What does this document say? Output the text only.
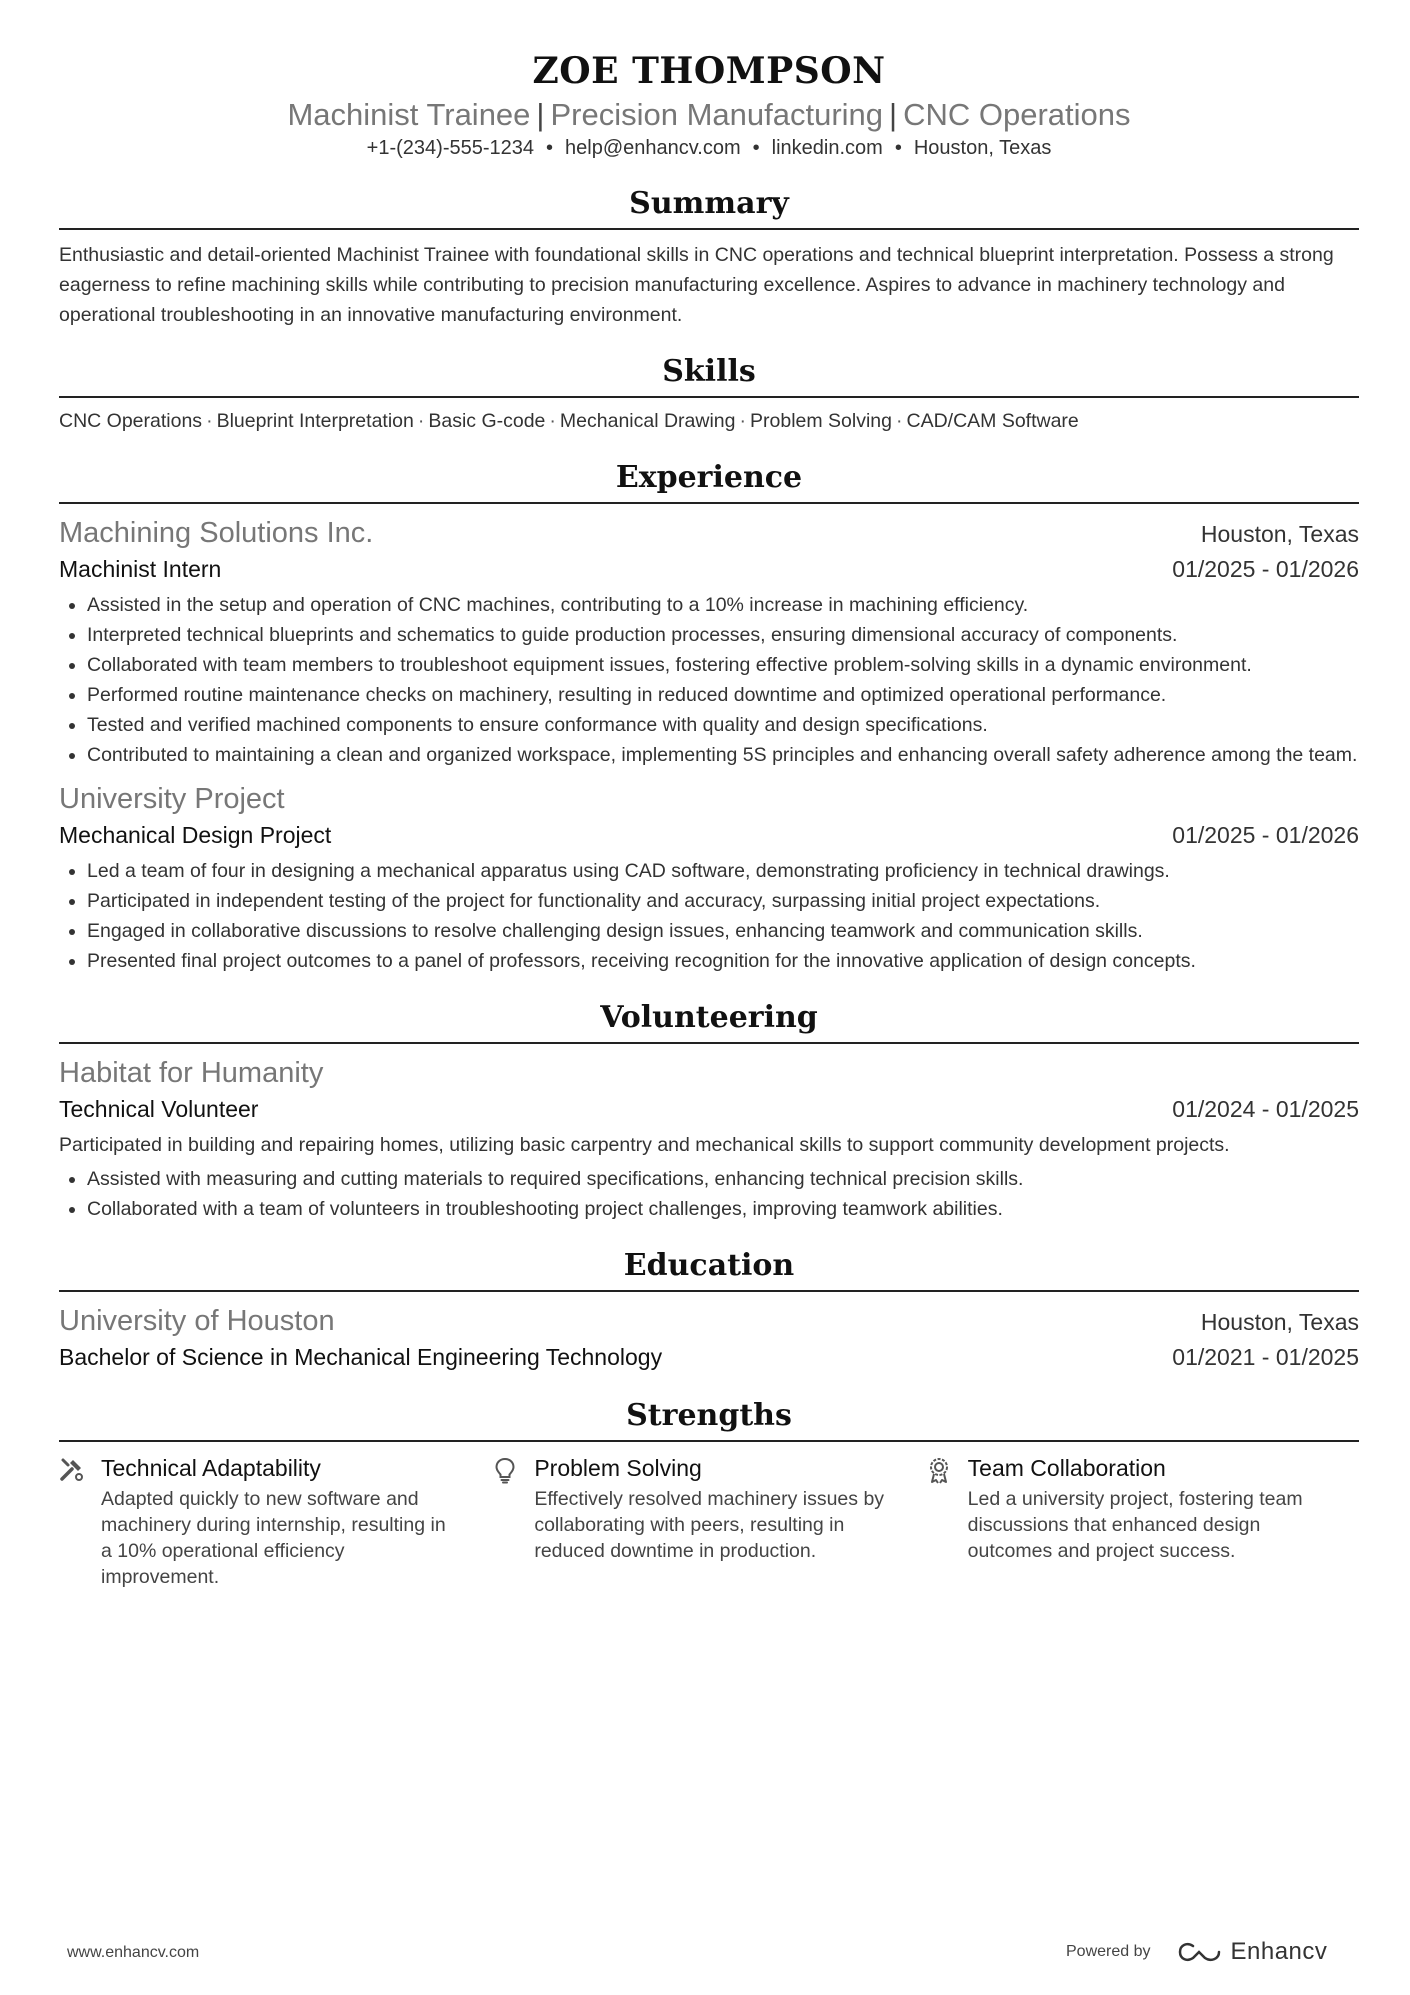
ZOE THOMPSON
Machinist Trainee | Precision Manufacturing | CNC Operations
+1-(234)-555-1234 • help@enhancv.com • linkedin.com • Houston, Texas
Summary
Enthusiastic and detail-oriented Machinist Trainee with foundational skills in CNC operations and technical blueprint interpretation. Possess a strong eagerness to refine machining skills while contributing to precision manufacturing excellence. Aspires to advance in machinery technology and operational troubleshooting in an innovative manufacturing environment.
Skills
CNC Operations · Blueprint Interpretation · Basic G-code · Mechanical Drawing · Problem Solving · CAD/CAM Software
Experience
Machining Solutions Inc.	Houston, Texas
Machinist Intern	01/2025 - 01/2026
• Assisted in the setup and operation of CNC machines, contributing to a 10% increase in machining efficiency.
• Interpreted technical blueprints and schematics to guide production processes, ensuring dimensional accuracy of components.
• Collaborated with team members to troubleshoot equipment issues, fostering effective problem-solving skills in a dynamic environment.
• Performed routine maintenance checks on machinery, resulting in reduced downtime and optimized operational performance.
• Tested and verified machined components to ensure conformance with quality and design specifications.
• Contributed to maintaining a clean and organized workspace, implementing 5S principles and enhancing overall safety adherence among the team.
University Project
Mechanical Design Project	01/2025 - 01/2026
• Led a team of four in designing a mechanical apparatus using CAD software, demonstrating proficiency in technical drawings.
• Participated in independent testing of the project for functionality and accuracy, surpassing initial project expectations.
• Engaged in collaborative discussions to resolve challenging design issues, enhancing teamwork and communication skills.
• Presented final project outcomes to a panel of professors, receiving recognition for the innovative application of design concepts.
Volunteering
Habitat for Humanity
Technical Volunteer	01/2024 - 01/2025
Participated in building and repairing homes, utilizing basic carpentry and mechanical skills to support community development projects.
• Assisted with measuring and cutting materials to required specifications, enhancing technical precision skills.
• Collaborated with a team of volunteers in troubleshooting project challenges, improving teamwork abilities.
Education
University of Houston	Houston, Texas
Bachelor of Science in Mechanical Engineering Technology	01/2021 - 01/2025
Strengths
Technical Adaptability
Adapted quickly to new software and machinery during internship, resulting in a 10% operational efficiency improvement.
Problem Solving
Effectively resolved machinery issues by collaborating with peers, resulting in reduced downtime in production.
Team Collaboration
Led a university project, fostering team discussions that enhanced design outcomes and project success.
www.enhancv.com	Powered by	Enhancv
